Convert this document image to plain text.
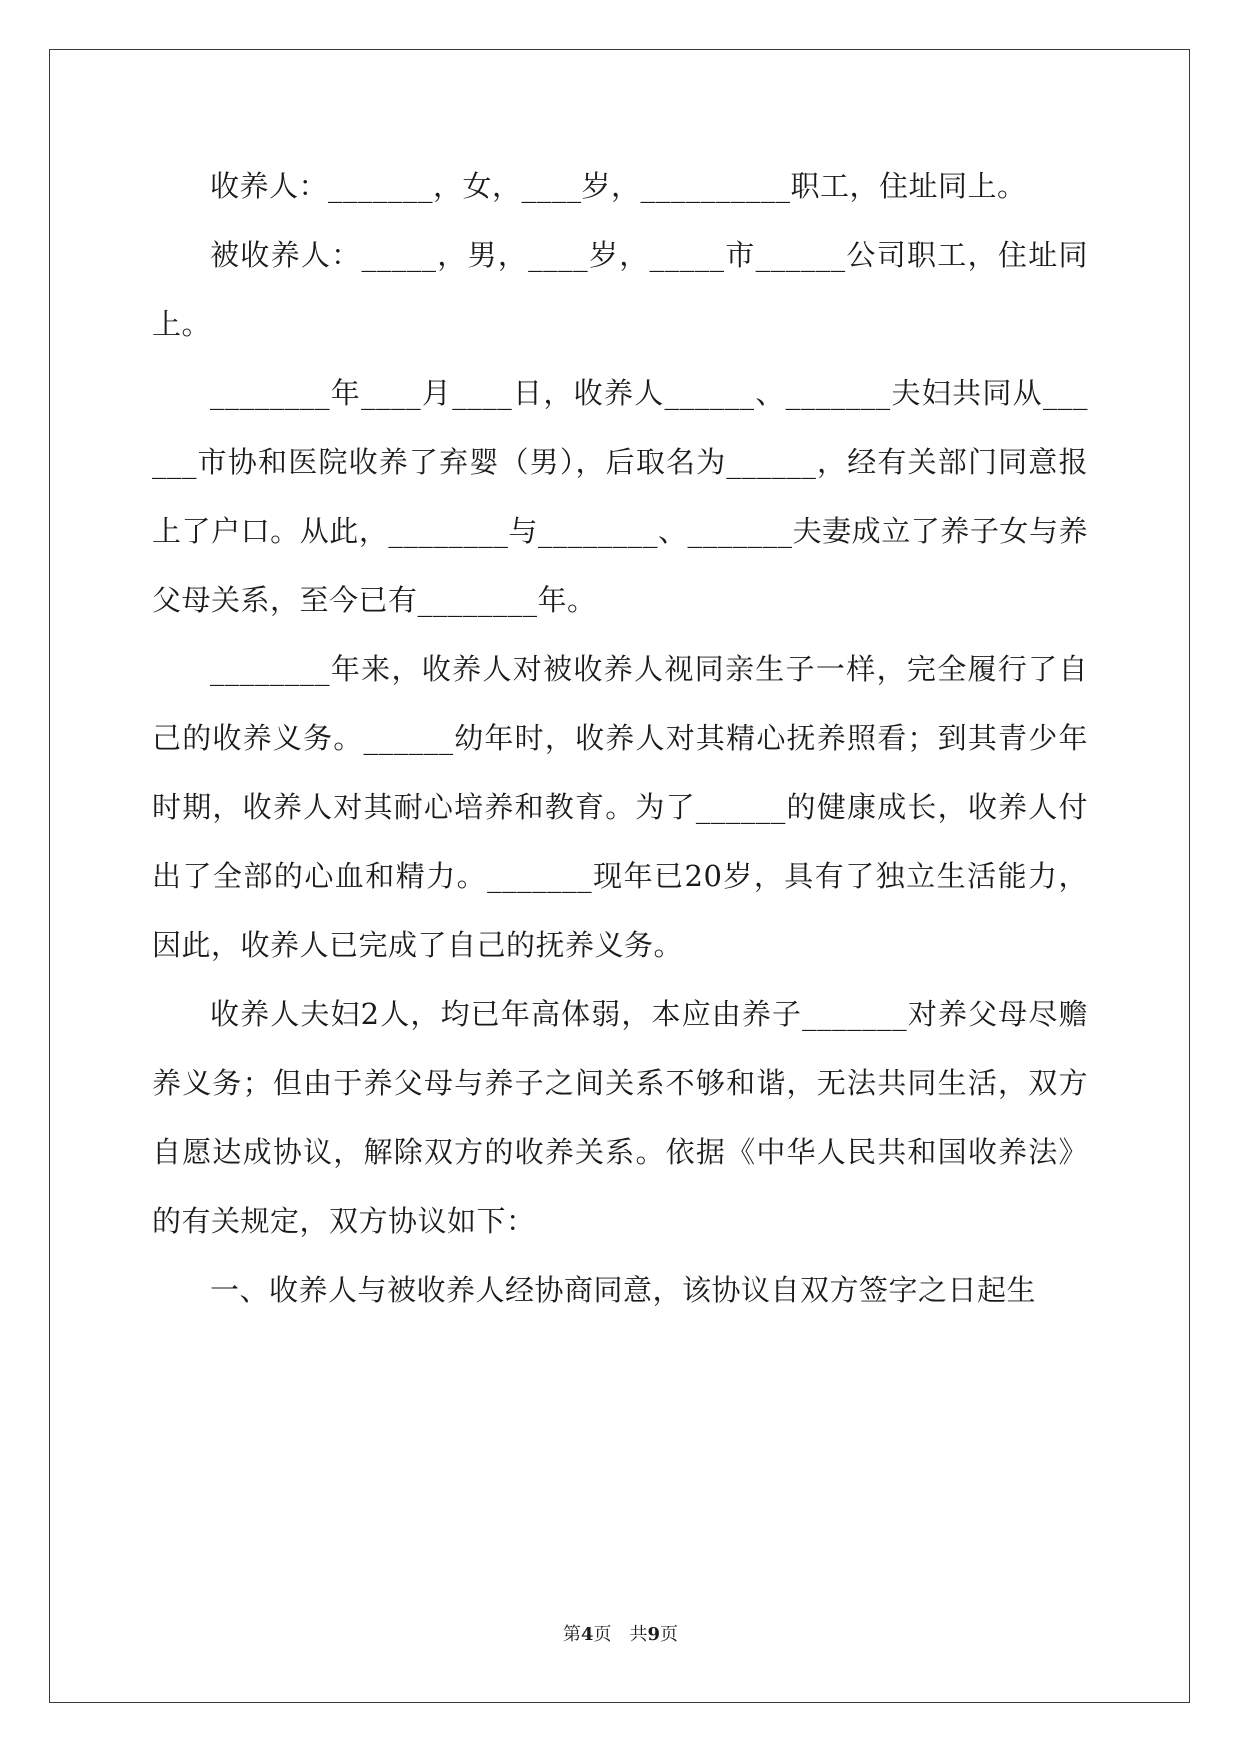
收养人：_______，女，____岁，__________职工，住址同上。

被收养人：_____，男，____岁，_____市______公司职工，住址同上。

________年____月____日，收养人______、_______夫妇共同从______市协和医院收养了弃婴（男），后取名为______，经有关部门同意报上了户口。从此，________与________、_______夫妻成立了养子女与养父母关系，至今已有________年。

________年来，收养人对被收养人视同亲生子一样，完全履行了自己的收养义务。______幼年时，收养人对其精心抚养照看；到其青少年时期，收养人对其耐心培养和教育。为了______的健康成长，收养人付出了全部的心血和精力。_______现年已20岁，具有了独立生活能力，因此，收养人已完成了自己的抚养义务。

收养人夫妇2人，均已年高体弱，本应由养子_______对养父母尽赡养义务；但由于养父母与养子之间关系不够和谐，无法共同生活，双方自愿达成协议，解除双方的收养关系。依据《中华人民共和国收养法》的有关规定，双方协议如下：

一、收养人与被收养人经协商同意，该协议自双方签字之日起生

第4页 共9页
